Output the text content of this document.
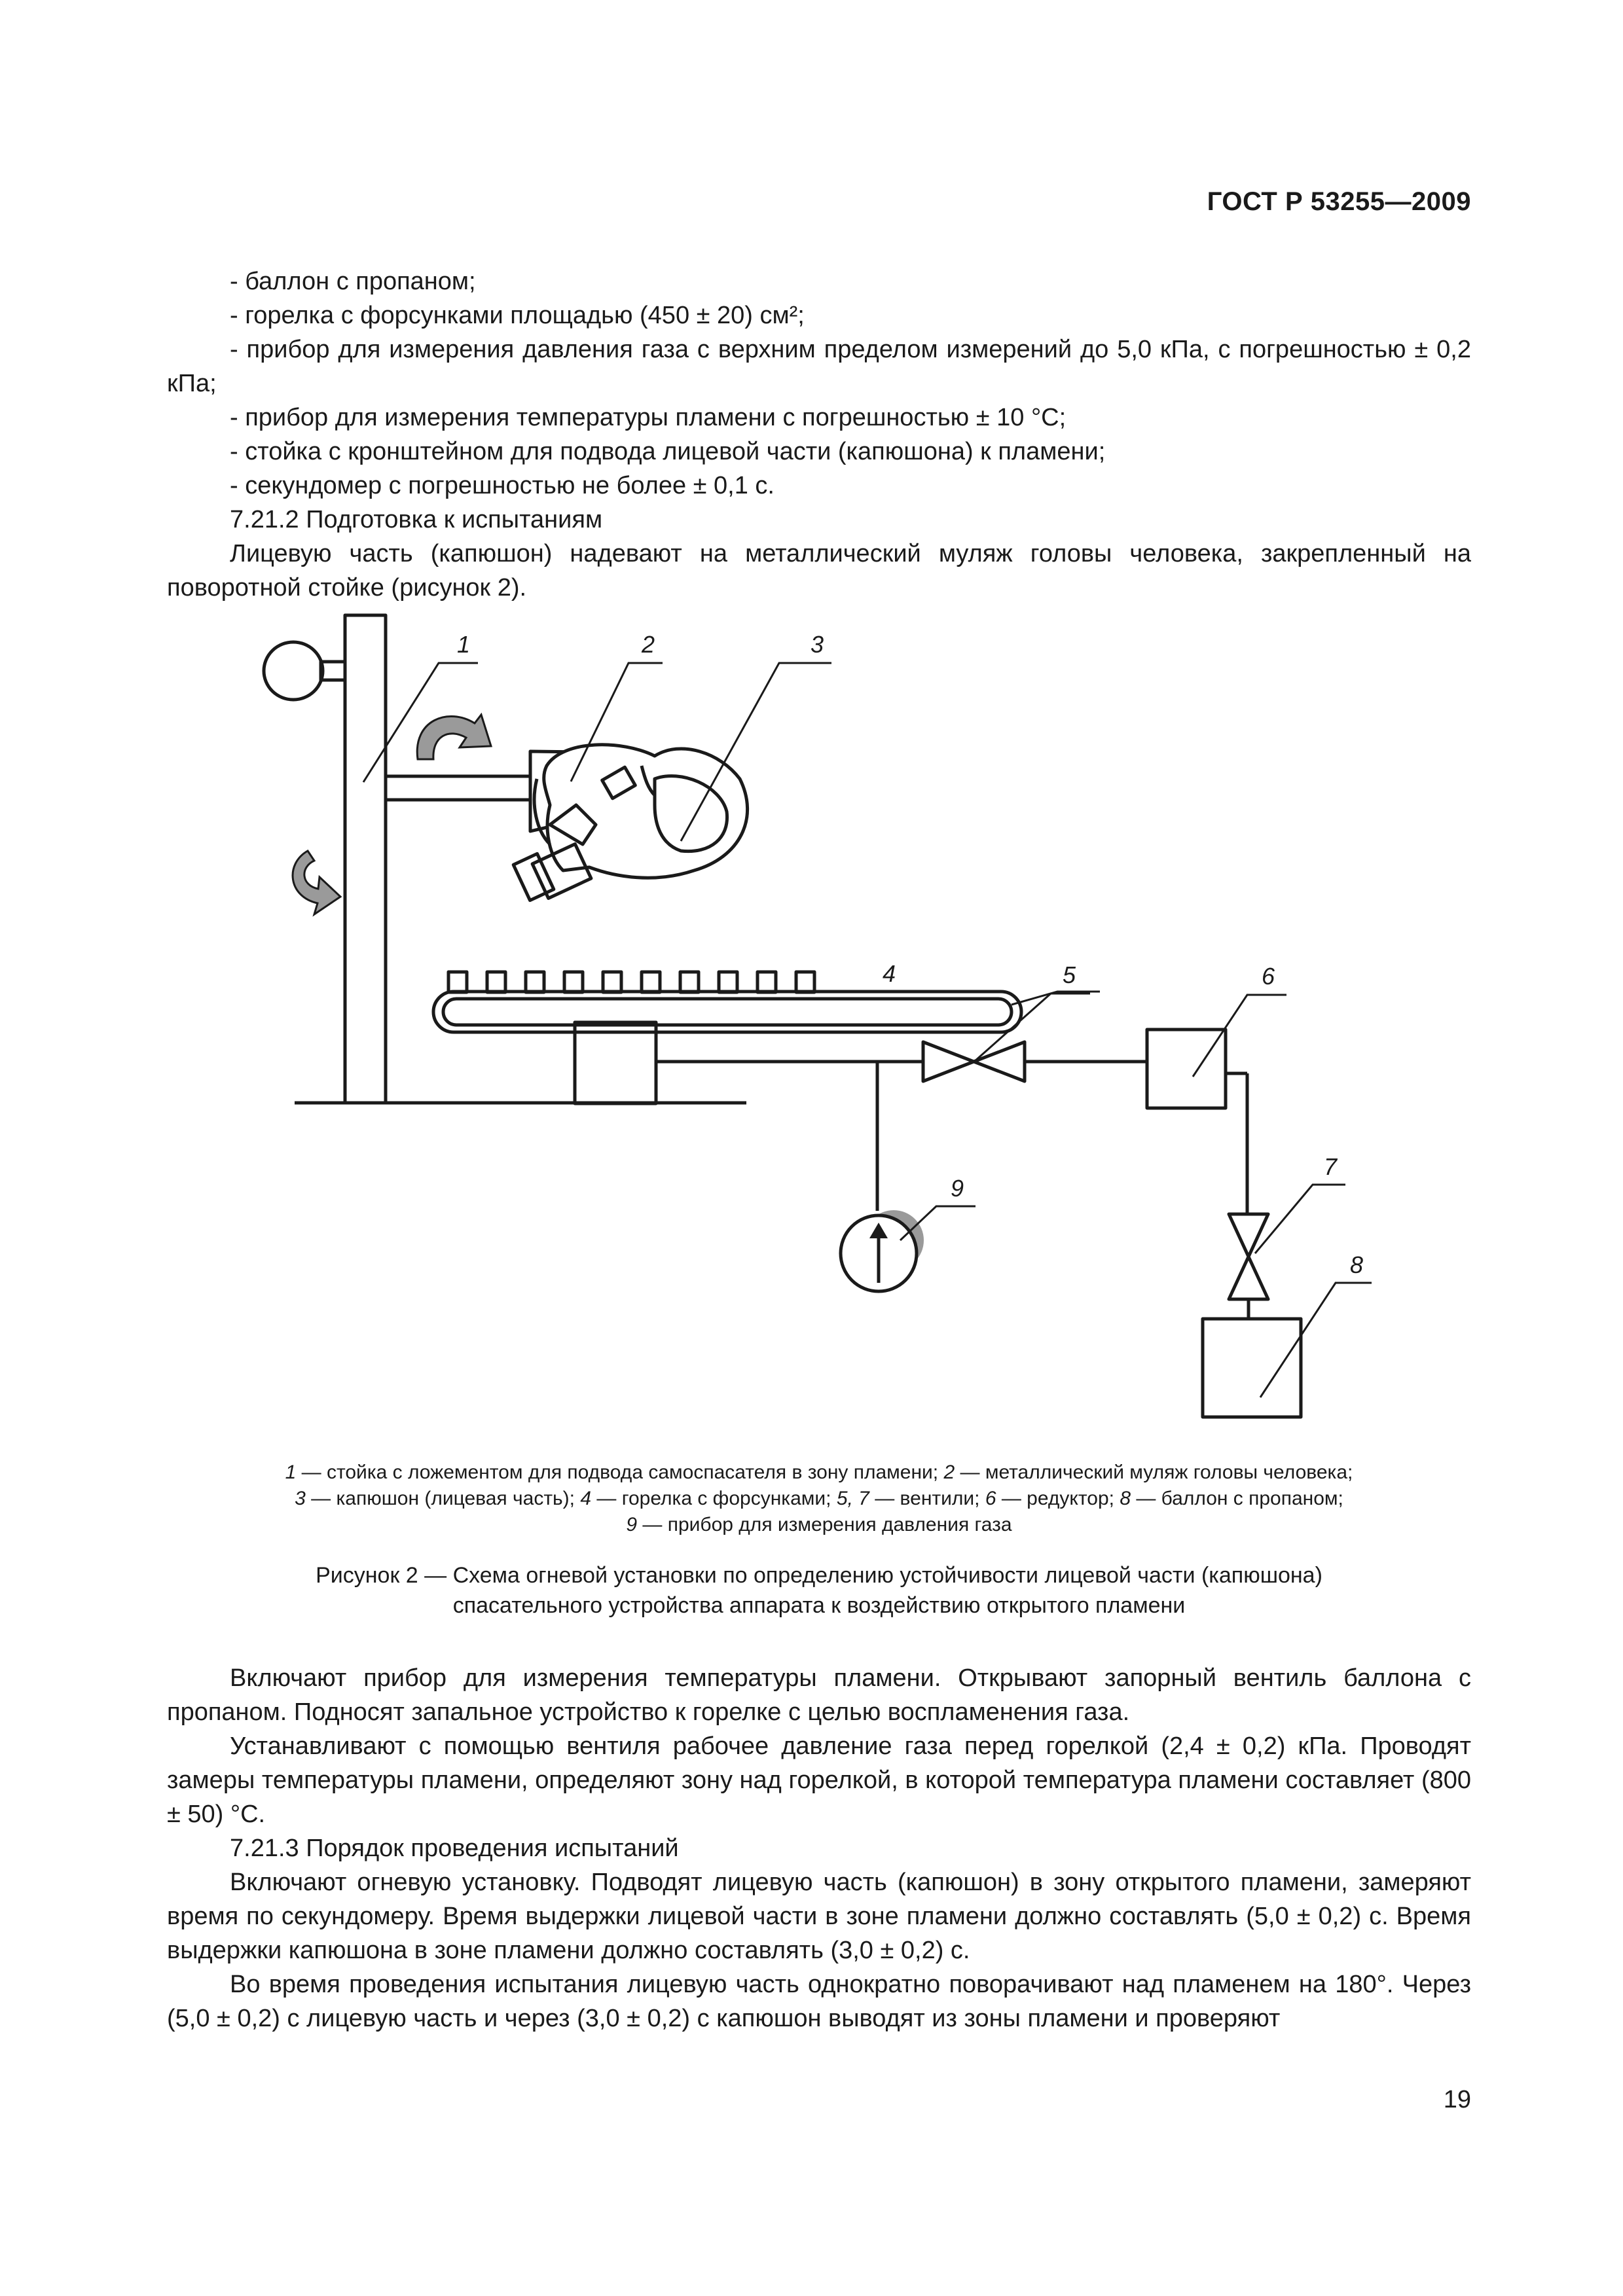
ГОСТ Р 53255—2009
- баллон с пропаном;
- горелка с форсунками площадью (450 ± 20) см²;
- прибор для измерения давления газа с верхним пределом измерений до 5,0 кПа, с погрешностью ± 0,2 кПа;
- прибор для измерения температуры пламени с погрешностью ± 10 °С;
- стойка с кронштейном для подвода лицевой части (капюшона) к пламени;
- секундомер с погрешностью не более ± 0,1 с.
7.21.2 Подготовка к испытаниям
Лицевую часть (капюшон) надевают на металлический муляж головы человека, закрепленный на поворотной стойке (рисунок 2).
1	2	3
4	5	6
7
8
9
1 — стойка с ложементом для подвода самоспасателя в зону пламени; 2 — металлический муляж головы человека;
3 — капюшон (лицевая часть); 4 — горелка с форсунками; 5, 7 — вентили; 6 — редуктор; 8 — баллон с пропаном;
9 — прибор для измерения давления газа
Рисунок 2 — Схема огневой установки по определению устойчивости лицевой части (капюшона)
спасательного устройства аппарата к воздействию открытого пламени
Включают прибор для измерения температуры пламени. Открывают запорный вентиль баллона с пропаном. Подносят запальное устройство к горелке с целью воспламенения газа.
Устанавливают с помощью вентиля рабочее давление газа перед горелкой (2,4 ± 0,2) кПа. Проводят замеры температуры пламени, определяют зону над горелкой, в которой температура пламени составляет (800 ± 50) °С.
7.21.3 Порядок проведения испытаний
Включают огневую установку. Подводят лицевую часть (капюшон) в зону открытого пламени, замеряют время по секундомеру. Время выдержки лицевой части в зоне пламени должно составлять (5,0 ± 0,2) с. Время выдержки капюшона в зоне пламени должно составлять (3,0 ± 0,2) с.
Во время проведения испытания лицевую часть однократно поворачивают над пламенем на 180°. Через (5,0 ± 0,2) с лицевую часть и через (3,0 ± 0,2) с капюшон выводят из зоны пламени и проверяют
19
